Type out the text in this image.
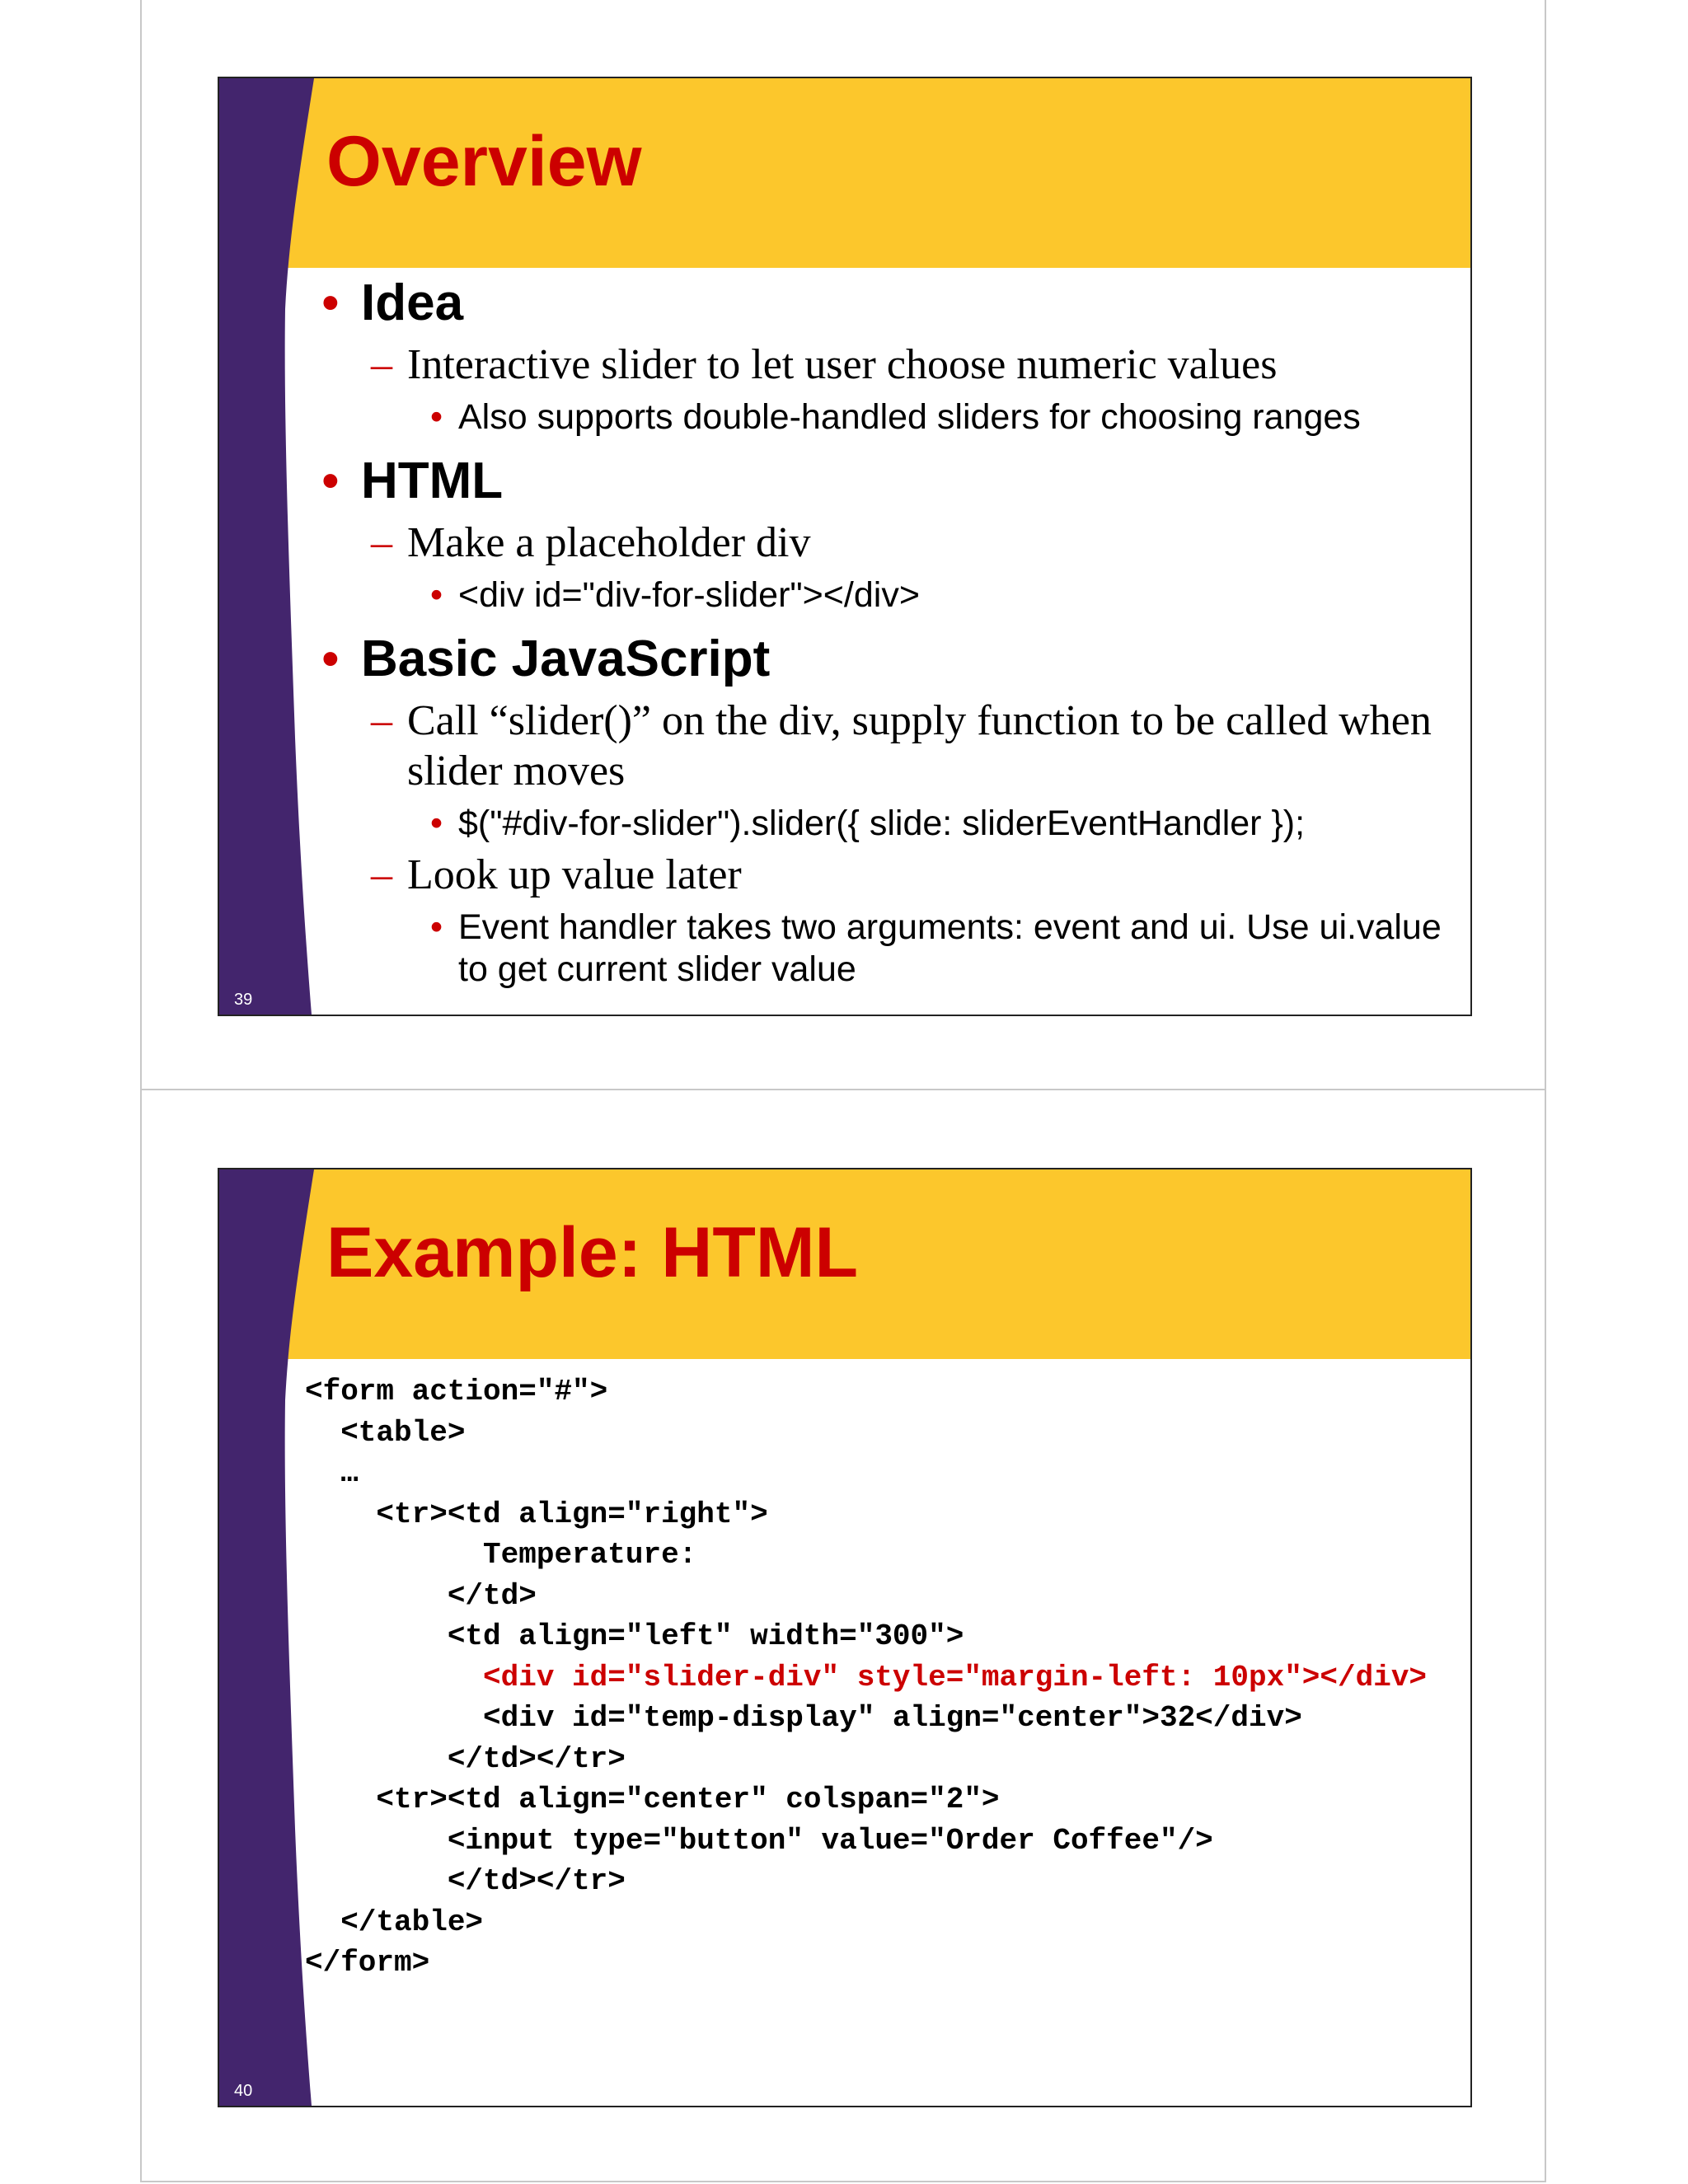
Overview

• Idea

– Interactive slider to let user choose numeric values

• Also supports double-handled sliders for choosing ranges

• HTML

– Make a placeholder div

• <div id="div-for-slider"></div>

• Basic JavaScript

– Call “slider()” on the div, supply function to be called when slider moves

• $("#div-for-slider").slider({ slide: sliderEventHandler });

– Look up value later

• Event handler takes two arguments: event and ui. Use ui.value to get current slider value

39
Example: HTML

<form action="#">

<table>

…

<tr><td align="right">

Temperature:

</td>

<td align="left" width="300">

<div id="slider-div" style="margin-left: 10px"></div>

<div id="temp-display" align="center">32</div>

</td></tr>

<tr><td align="center" colspan="2">

<input type="button" value="Order Coffee"/>

</td></tr>

</table>

</form>

40
